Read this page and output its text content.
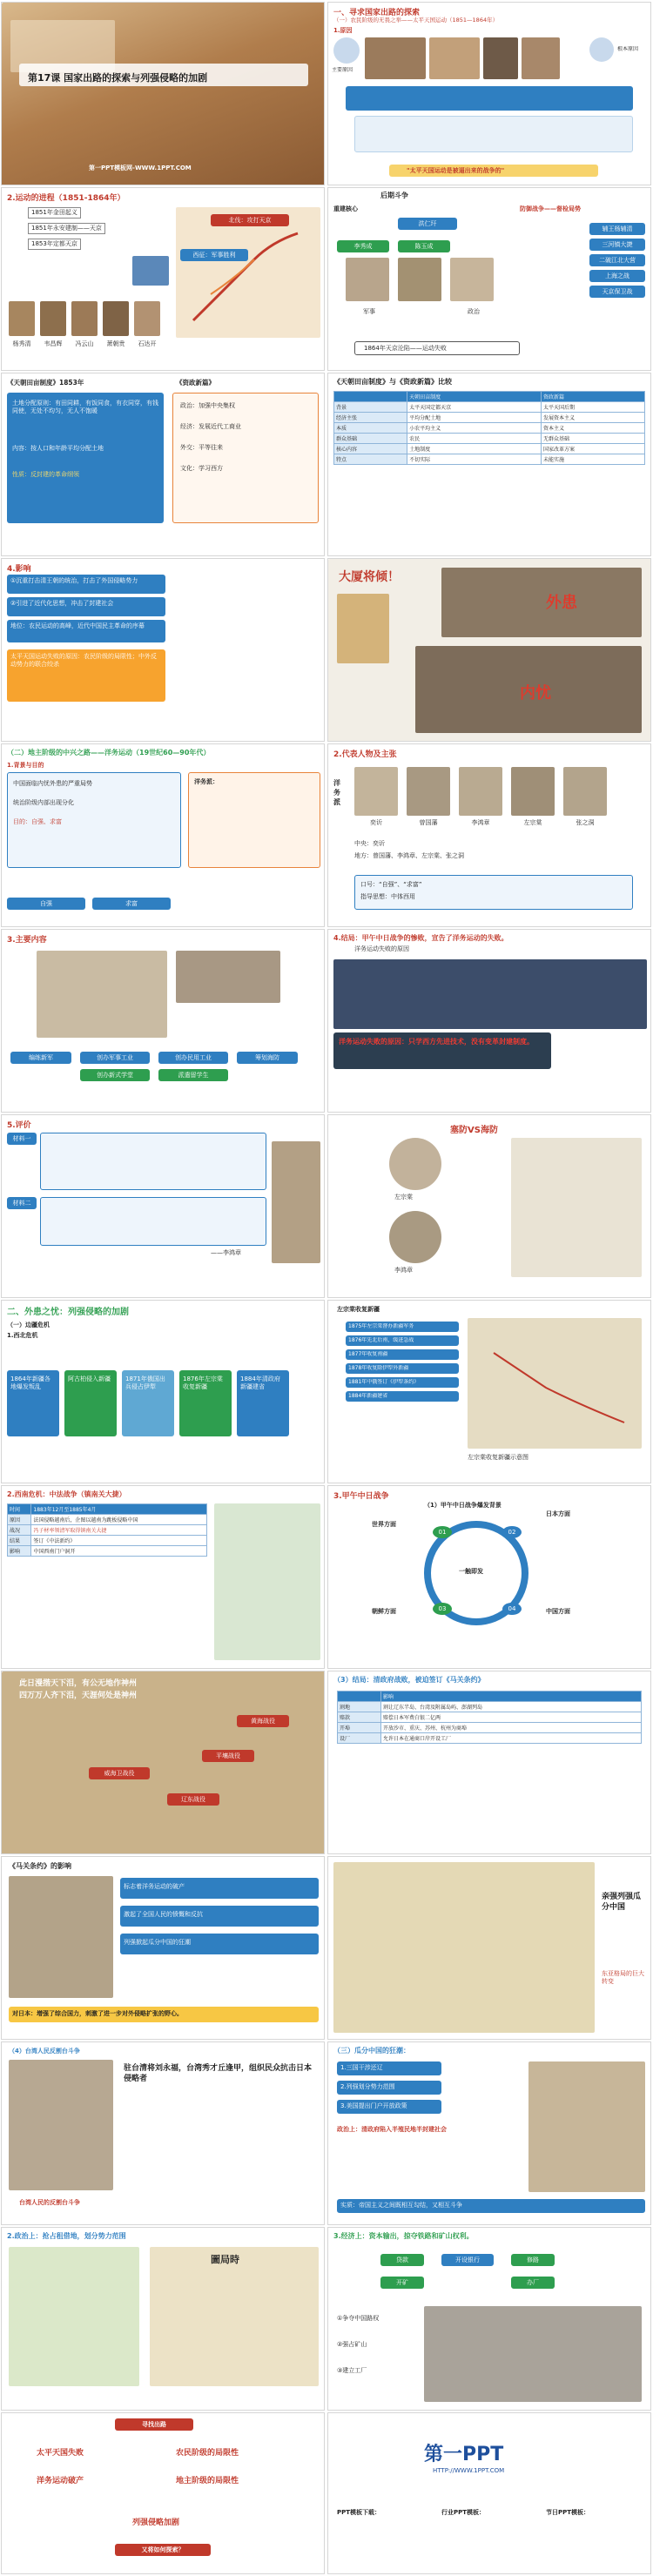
第17课 国家出路的探索与列强侵略的加剧
第一PPT模板网-WWW.1PPT.COM
一、寻求国家出路的探索
（一）农民阶级的无畏之举——太平天国运动（1851—1864年）
1.原因
主要原因
根本原因
"太平天国运动是被逼出来的战争的"
2.运动的进程（1851-1864年）
1851年金田起义
1851年永安建制——天京
1853年定都天京
北伐：攻打天京
西征：军事胜利
杨秀清	韦昌辉	冯云山	萧朝贵	石达开
后期斗争
重建核心	防御战争——督检局势
洪仁玕
李秀成	陈玉成
辅王杨辅清
三河镇大捷
二破江北大营
上海之战
天京保卫战
军事	政治
1864年天京沦陷——运动失败
《天朝田亩制度》1853年
土地分配原则：有田同耕，有饭同食，有衣同穿，有钱同使，无处不均匀，无人不饱暖
内容：按人口和年龄平均分配土地
性质：反封建的革命纲领
《资政新篇》
政治：加强中央集权
经济：发展近代工商业
外交：平等往来
文化：学习西方
《天朝田亩制度》与《资政新篇》比较
	天朝田亩制度	资政新篇
背景	太平天国定都天京	太平天国后期
经济主张	平均分配土地	发展资本主义
本质	小农平均主义	资本主义
群众基础	农民	无群众基础
核心内容	土地制度	国家改革方案
特点	不切实际	未能实施
4.影响
①沉重打击清王朝的统治，打击了外国侵略势力
②引进了近代化思想，冲击了封建社会
地位：农民运动的高峰，近代中国民主革命的序幕
太平天国运动失败的原因：农民阶级的局限性；中外反动势力的联合绞杀
大厦将倾！
外患
内忧
（二）地主阶级的中兴之路——洋务运动（19世纪60—90年代）
1.背景与目的
中国面临内忧外患的严重局势
统治阶级内部出现分化
目的：自强、求富
洋务派：
自强	求富
2.代表人物及主张
洋务派
奕䜣	曾国藩	李鸿章	左宗棠	张之洞
中央：奕䜣
地方：曾国藩、李鸿章、左宗棠、张之洞
口号：“自强”、“求富”
指导思想：中体西用
3.主要内容
编练新军	创办军事工业	创办民用工业	筹划海防
创办新式学堂	派遣留学生
4.结局：甲午中日战争的惨败，宣告了洋务运动的失败。
洋务运动失败的原因
洋务运动失败的原因：只学西方先进技术，没有变革封建制度。
5.评价
材料一
材料二
——李鸿章
塞防VS海防
左宗棠
李鸿章
二、外患之忧：列强侵略的加剧
（一）边疆危机
1.西北危机
1864年新疆各地爆发叛乱
阿古柏侵入新疆	1871年俄国出兵侵占伊犁
1876年左宗棠收复新疆
1884年清政府新疆建省
左宗棠收复新疆
1875年左宗棠督办新疆军务
1876年先北后南，缓进急战
1877年收复南疆
1878年收复除伊犁外新疆
1881年中俄签订《伊犁条约》
1884年新疆建省
左宗棠收复新疆示意图
2.西南危机：中法战争（镇南关大捷）
时间	1883年12月至1885年4月
原因	法国侵略越南后，企图以越南为跳板侵略中国
战况	冯子材率领清军取得镇南关大捷
结果	签订《中法新约》
影响	中国西南门户洞开
3.甲午中日战争
（1）甲午中日战争爆发背景
01	02
03	04
一触即发
世界方面
朝鲜方面
日本方面
中国方面
此日漫揩天下泪，有公无地作神州
四万万人齐下泪，天涯何处是神州
黄海战役
威海卫战役
平壤战役
辽东战役
（3）结局：清政府战败，被迫签订《马关条约》
	影响
割地	割让辽东半岛、台湾及附属岛屿、澎湖列岛
赔款	赔偿日本军费白银二亿两
开埠	开放沙市、重庆、苏州、杭州为商埠
设厂	允许日本在通商口岸开设工厂
《马关条约》的影响
标志着洋务运动的破产
激起了全国人民的愤慨和反抗
列强掀起瓜分中国的狂潮
对日本：增强了综合国力，刺激了进一步对外侵略扩张的野心。
亲强列强瓜分中国
东亚格局的巨大转变
（4）台湾人民反割台斗争
驻台清将刘永福，台湾秀才丘逢甲，组织民众抗击日本侵略者
台湾人民的反割台斗争
（三）瓜分中国的狂潮：
1.三国干涉还辽
2.列强划分势力范围
3.美国提出门户开放政策
政治上：清政府陷入半殖民地半封建社会
实质：帝国主义之间既相互勾结，又相互斗争
2.政治上：抢占租借地，划分势力范围
圖局時
3.经济上：资本输出，掠夺铁路和矿山权利。
贷款	开设银行	修路
开矿	办厂
①争夺中国路权
②强占矿山
③建立工厂
寻找出路
太平天国失败	农民阶级的局限性
洋务运动破产	地主阶级的局限性
列强侵略加剧
又将如何探索？
第一PPT
HTTP://WWW.1PPT.COM
PPT模板下载：	行业PPT模板：	节日PPT模板：
